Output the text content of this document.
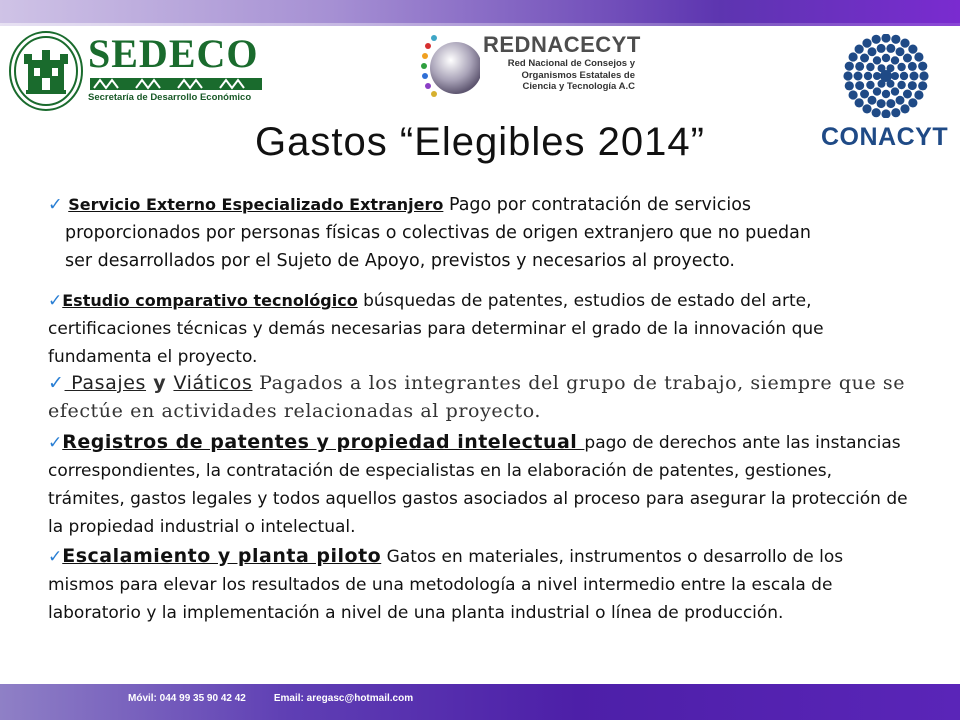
SEDECO
Secretaría de Desarrollo Económico
REDNACECYT
Red Nacional de Consejos y
Organismos Estatales de
Ciencia y Tecnología A.C
CONACYT
Gastos “Elegibles 2014”
✓ Servicio Externo Especializado Extranjero Pago por contratación de servicios
proporcionados por personas físicas o colectivas de origen extranjero que no puedan
ser desarrollados por el Sujeto de Apoyo, previstos y necesarios al proyecto.
✓Estudio comparativo tecnológico búsquedas de patentes, estudios de estado del arte, certificaciones técnicas y demás necesarias para determinar el grado de la innovación que fundamenta el proyecto.
✓ Pasajes y Viáticos Pagados a los integrantes del grupo de trabajo, siempre que se efectúe en actividades relacionadas al proyecto.
✓Registros de patentes y propiedad intelectual pago de derechos ante las instancias correspondientes, la contratación de especialistas en la elaboración de patentes, gestiones, trámites, gastos legales y todos aquellos gastos asociados al proceso para asegurar la protección de la propiedad industrial o intelectual.
✓Escalamiento y planta piloto Gatos en materiales, instrumentos o desarrollo de los mismos para elevar los resultados de una metodología a nivel intermedio entre la escala de laboratorio y la implementación a nivel de una planta industrial o línea de producción.
Móvil: 044 99 35 90 42 42	Email: aregasc@hotmail.com
